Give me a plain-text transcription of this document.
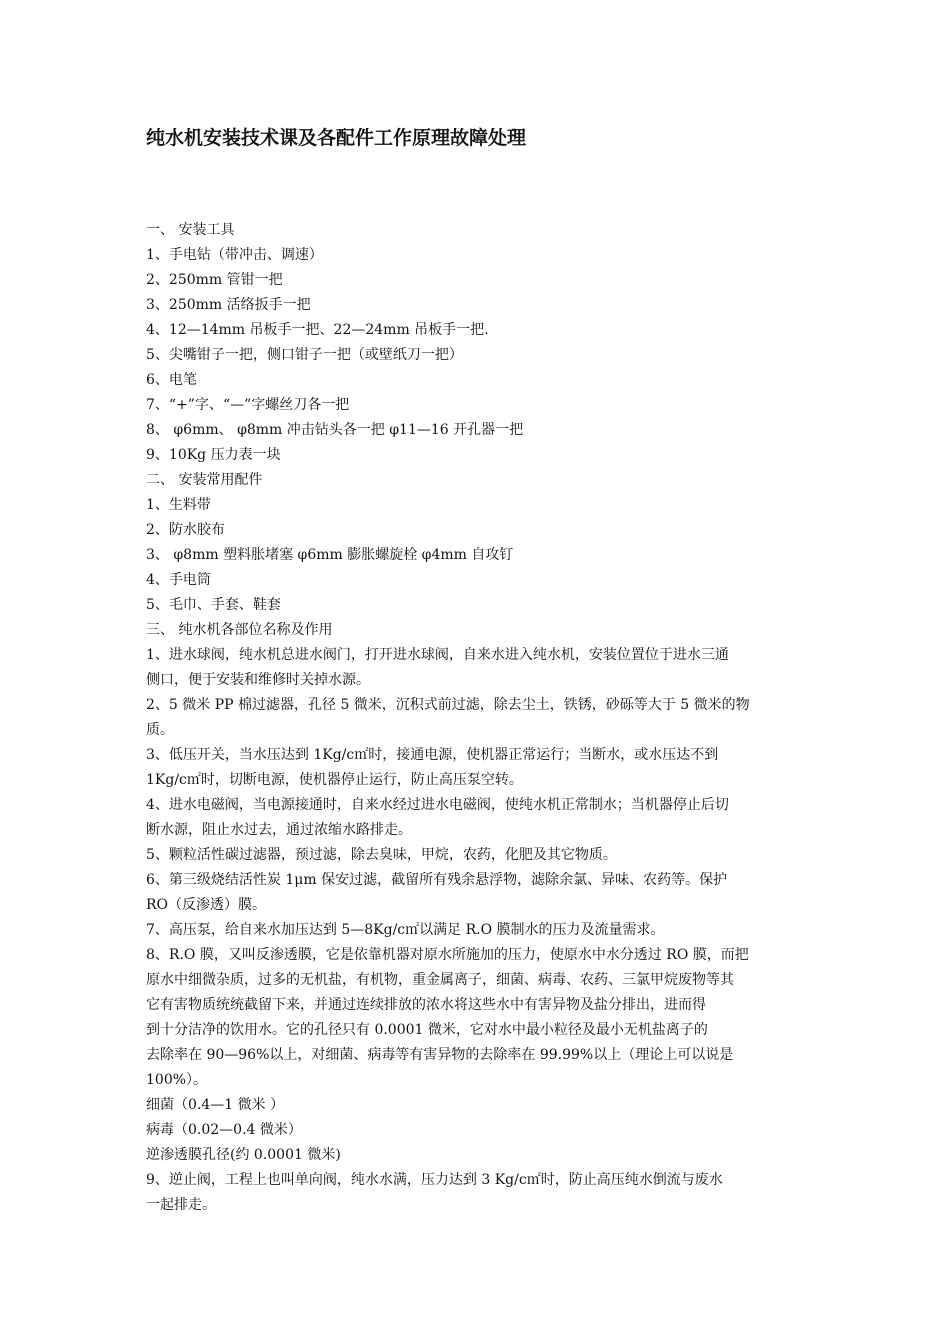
纯水机安装技术课及各配件工作原理故障处理
一、 安装工具
1、手电钻（带冲击、调速）
2、250mm 管钳一把
3、250mm 活络扳手一把
4、12—14mm 吊板手一把、22—24mm 吊板手一把.
5、尖嘴钳子一把，侧口钳子一把（或壁纸刀一把）
6、电笔
7、“+”字、“—”字螺丝刀各一把
8、 φ6mm、 φ8mm 冲击钻头各一把 φ11—16 开孔器一把
9、10Kg 压力表一块
二、 安装常用配件
1、生料带
2、防水胶布
3、 φ8mm 塑料胀堵塞 φ6mm 膨胀螺旋栓 φ4mm 自攻钉
4、手电筒
5、毛巾、手套、鞋套
三、 纯水机各部位名称及作用
1、进水球阀，纯水机总进水阀门，打开进水球阀，自来水进入纯水机，安装位置位于进水三通
侧口，便于安装和维修时关掉水源。
2、5 微米 PP 棉过滤器，孔径 5 微米，沉积式前过滤，除去尘土，铁锈，砂砾等大于 5 微米的物
质。
3、低压开关，当水压达到 1Kg/c㎡时，接通电源，使机器正常运行；当断水，或水压达不到
1Kg/c㎡时，切断电源，使机器停止运行，防止高压泵空转。
4、进水电磁阀，当电源接通时，自来水经过进水电磁阀，使纯水机正常制水；当机器停止后切
断水源，阻止水过去，通过浓缩水路排走。
5、颗粒活性碳过滤器，预过滤，除去臭味，甲烷，农药，化肥及其它物质。
6、第三级烧结活性炭 1μm 保安过滤，截留所有残余悬浮物，滤除余氯、异味、农药等。保护
RO（反渗透）膜。
7、高压泵，给自来水加压达到 5—8Kg/c㎡以满足 R.O 膜制水的压力及流量需求。
8、R.O 膜，又叫反渗透膜，它是依靠机器对原水所施加的压力，使原水中水分透过 RO 膜，而把
原水中细微杂质，过多的无机盐，有机物，重金属离子，细菌、病毒、农药、三氯甲烷废物等其
它有害物质统统截留下来，并通过连续排放的浓水将这些水中有害异物及盐分排出，进而得
到十分洁净的饮用水。它的孔径只有 0.0001 微米，它对水中最小粒径及最小无机盐离子的
去除率在 90—96%以上，对细菌、病毒等有害异物的去除率在 99.99%以上（理论上可以说是
100%）。
细菌（0.4—1 微米 ）
病毒（0.02—0.4 微米）
逆渗透膜孔径(约 0.0001 微米)
9、逆止阀，工程上也叫单向阀，纯水水满，压力达到 3 Kg/c㎡时，防止高压纯水倒流与废水
一起排走。
